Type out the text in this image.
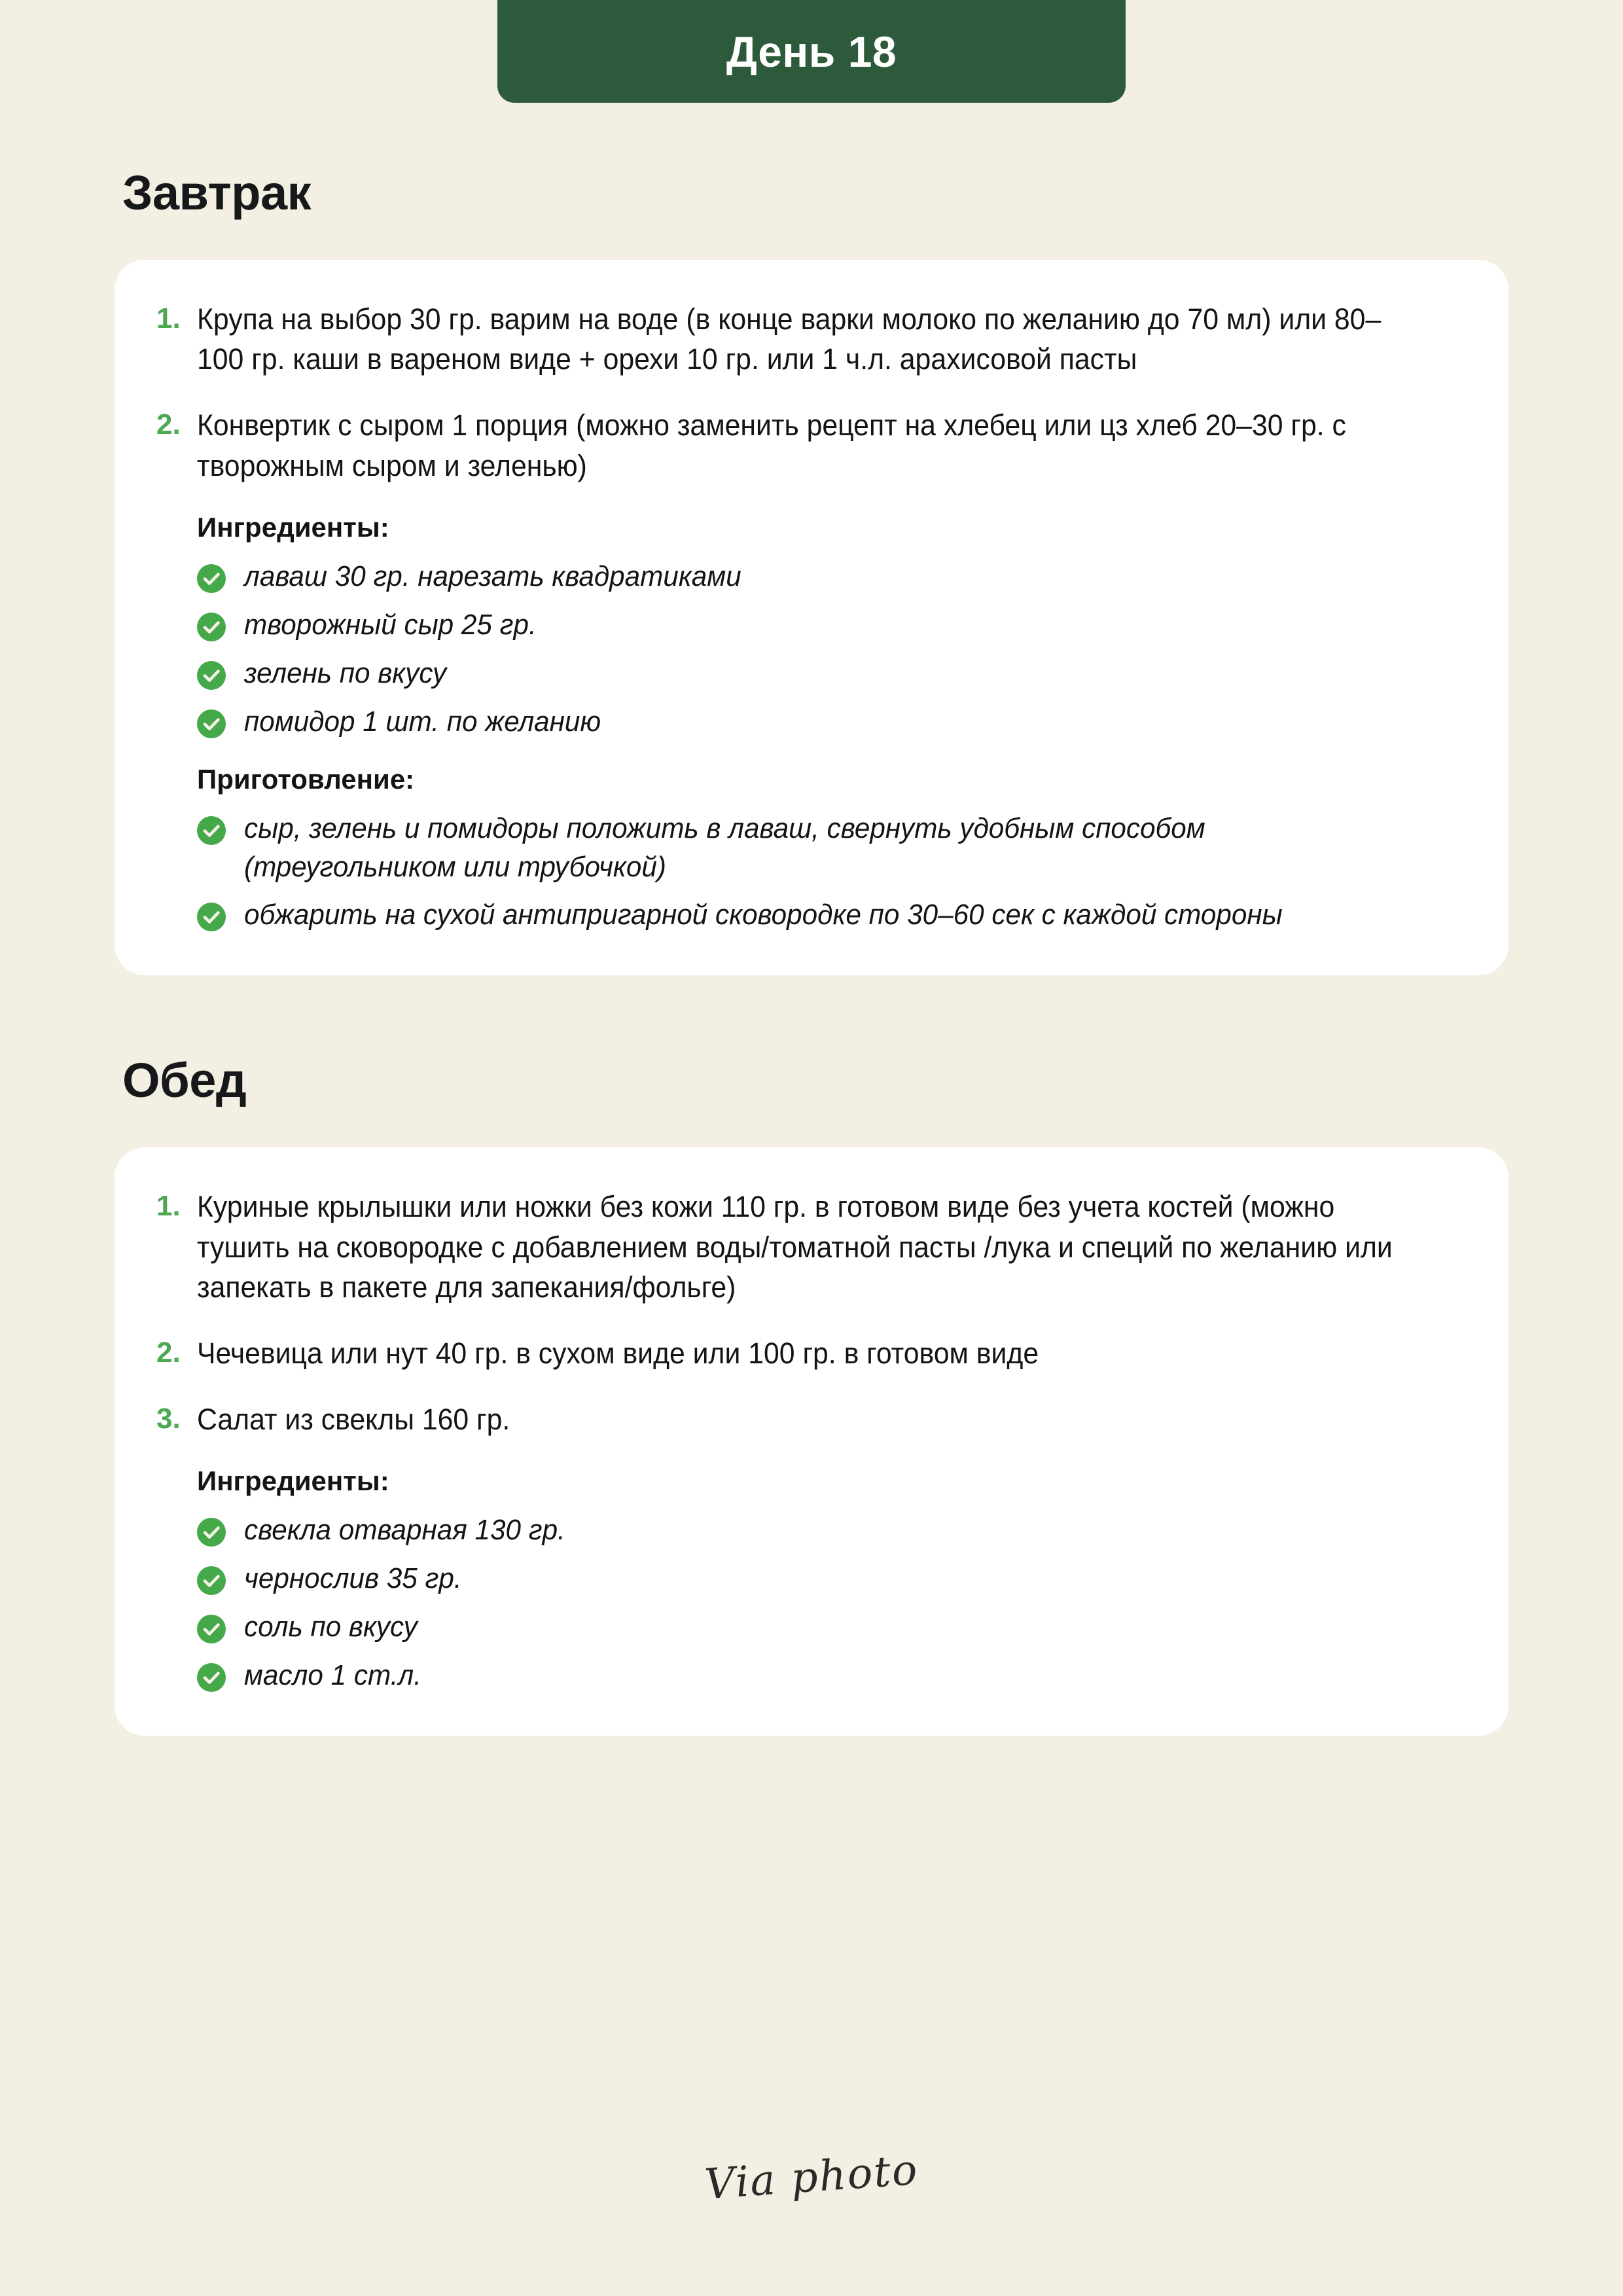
День 18
Завтрак
1. Крупа на выбор 30 гр. варим на воде (в конце варки молоко по желанию до 70 мл) или 80–100 гр. каши в вареном виде + орехи 10 гр. или 1 ч.л. арахисовой пасты
2. Конвертик с сыром 1 порция (можно заменить рецепт на хлебец или цз хлеб 20–30 гр. с творожным сыром и зеленью)
Ингредиенты:
лаваш 30 гр. нарезать квадратиками
творожный сыр 25 гр.
зелень по вкусу
помидор 1 шт. по желанию
Приготовление:
сыр, зелень и помидоры положить в лаваш, свернуть удобным способом (треугольником или трубочкой)
обжарить на сухой антипригарной сковородке по 30–60 сек с каждой стороны
Обед
1. Куриные крылышки или ножки без кожи 110 гр. в готовом виде без учета костей (можно тушить на сковородке с добавлением воды/томатной пасты /лука и специй по желанию или запекать в пакете для запекания/фольге)
2. Чечевица или нут 40 гр. в сухом виде или 100 гр. в готовом виде
3. Салат из свеклы 160 гр.
Ингредиенты:
свекла отварная 130 гр.
чернослив 35 гр.
соль по вкусу
масло 1 ст.л.
Via photo
